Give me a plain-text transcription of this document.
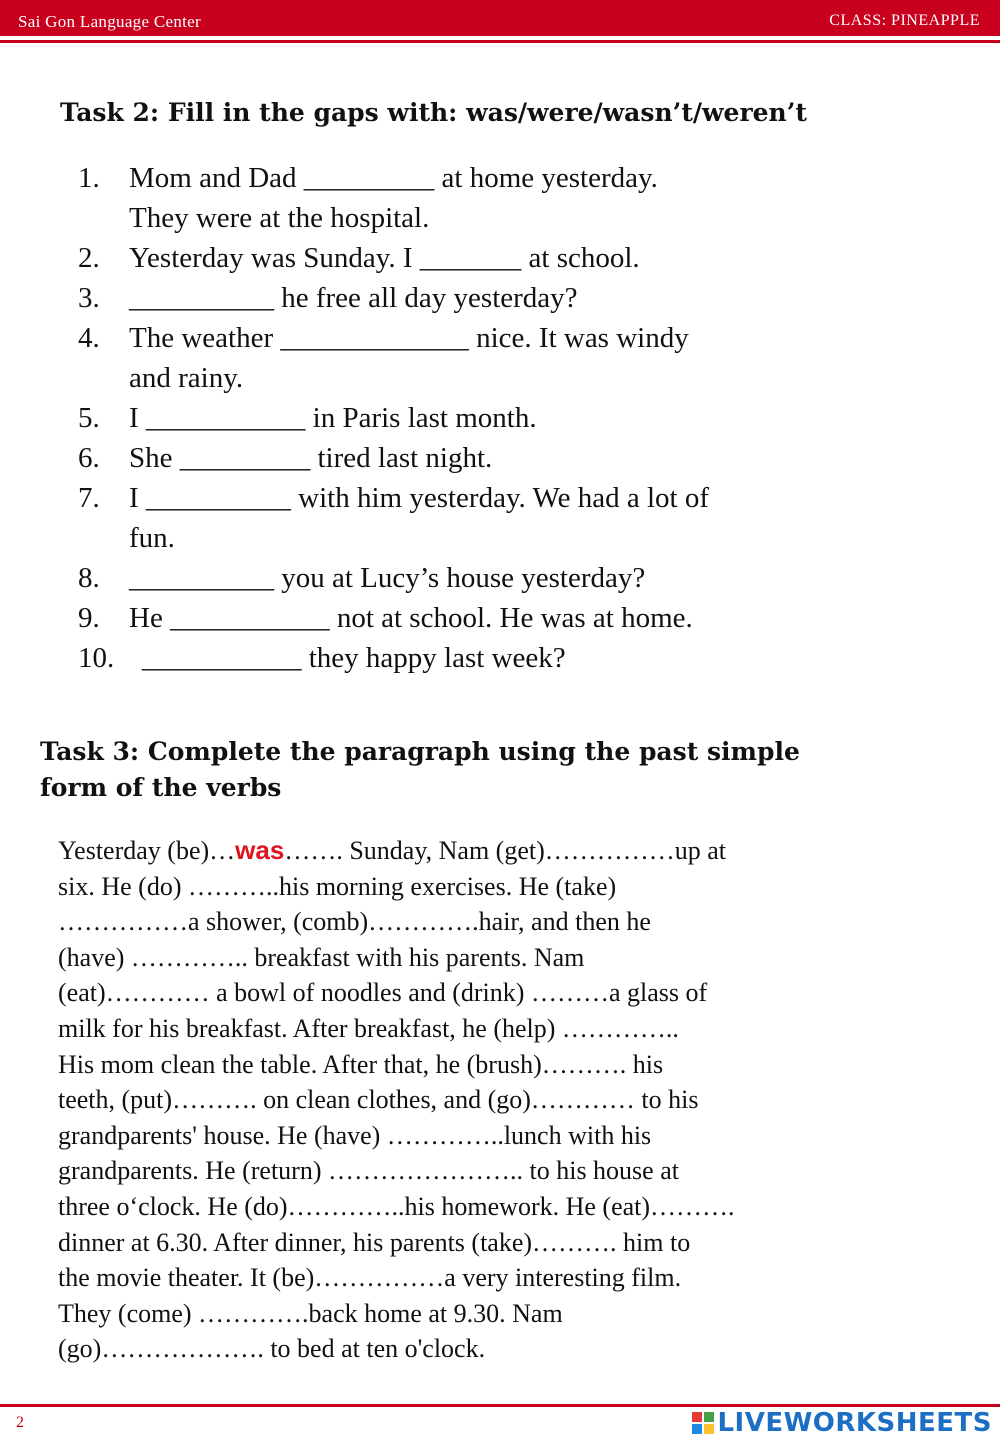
Sai Gon Language Center	CLASS: PINEAPPLE
Task 2: Fill in the gaps with: was/were/wasn’t/weren’t
1. Mom and Dad _________ at home yesterday.
They were at the hospital.
2. Yesterday was Sunday. I _______ at school.
3. __________ he free all day yesterday?
4. The weather _____________ nice. It was windy
and rainy.
5. I ___________ in Paris last month.
6. She _________ tired last night.
7. I __________ with him yesterday. We had a lot of
fun.
8. __________ you at Lucy’s house yesterday?
9. He ___________ not at school. He was at home.
10. ___________ they happy last week?
Task 3: Complete the paragraph using the past simple
form of the verbs
Yesterday (be)…was……. Sunday, Nam (get)……………up at
six. He (do) ………..his morning exercises. He (take)
……………a shower, (comb)………….hair, and then he
(have) ………….. breakfast with his parents. Nam
(eat)………… a bowl of noodles and (drink) ………a glass of
milk for his breakfast. After breakfast, he (help) …………..
His mom clean the table. After that, he (brush)………. his
teeth, (put)………. on clean clothes, and (go)………… to his
grandparents' house. He (have) …………..lunch with his
grandparents. He (return) ………………….. to his house at
three o‘clock. He (do)…………..his homework. He (eat)……….
dinner at 6.30. After dinner, his parents (take)………. him to
the movie theater. It (be)……………a very interesting film.
They (come) ………….back home at 9.30. Nam
(go)………………. to bed at ten o'clock.
2	LIVEWORKSHEETS
